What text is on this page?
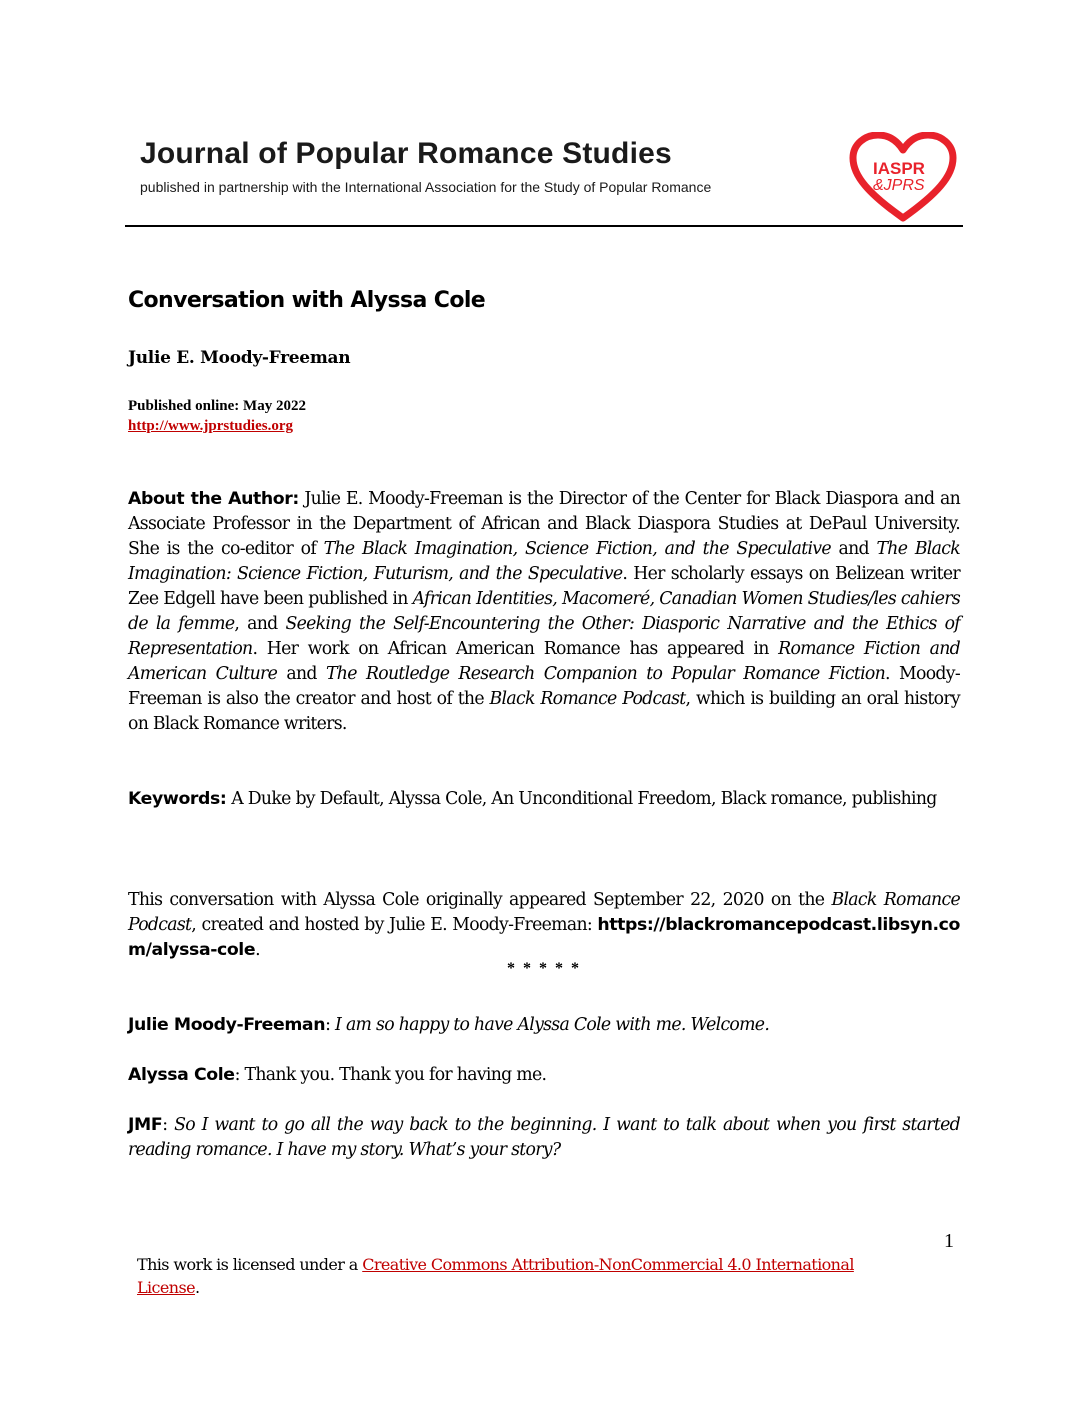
Journal of Popular Romance Studies
published in partnership with the International Association for the Study of Popular Romance
IASPR
&JPRS
Conversation with Alyssa Cole
Julie E. Moody-Freeman
Published online: May 2022
http://www.jprstudies.org

About the Author: Julie E. Moody-Freeman is the Director of the Center for Black Diaspora and an Associate Professor in the Department of African and Black Diaspora Studies at DePaul University. She is the co-editor of The Black Imagination, Science Fiction, and the Speculative and The Black Imagination: Science Fiction, Futurism, and the Speculative. Her scholarly essays on Belizean writer Zee Edgell have been published in African Identities, Macomeré, Canadian Women Studies/les cahiers de la femme, and Seeking the Self-Encountering the Other: Diasporic Narrative and the Ethics of Representation. Her work on African American Romance has appeared in Romance Fiction and American Culture and The Routledge Research Companion to Popular Romance Fiction. Moody-Freeman is also the creator and host of the Black Romance Podcast, which is building an oral history on Black Romance writers.

Keywords: A Duke by Default, Alyssa Cole, An Unconditional Freedom, Black romance, publishing

This conversation with Alyssa Cole originally appeared September 22, 2020 on the Black Romance Podcast, created and hosted by Julie E. Moody-Freeman: https://blackromancepodcast.libsyn.com/alyssa-cole.

* * * * *

Julie Moody-Freeman: I am so happy to have Alyssa Cole with me. Welcome.

Alyssa Cole: Thank you. Thank you for having me.

JMF: So I want to go all the way back to the beginning. I want to talk about when you first started reading romance. I have my story. What’s your story?

1
This work is licensed under a Creative Commons Attribution-NonCommercial 4.0 International License.
